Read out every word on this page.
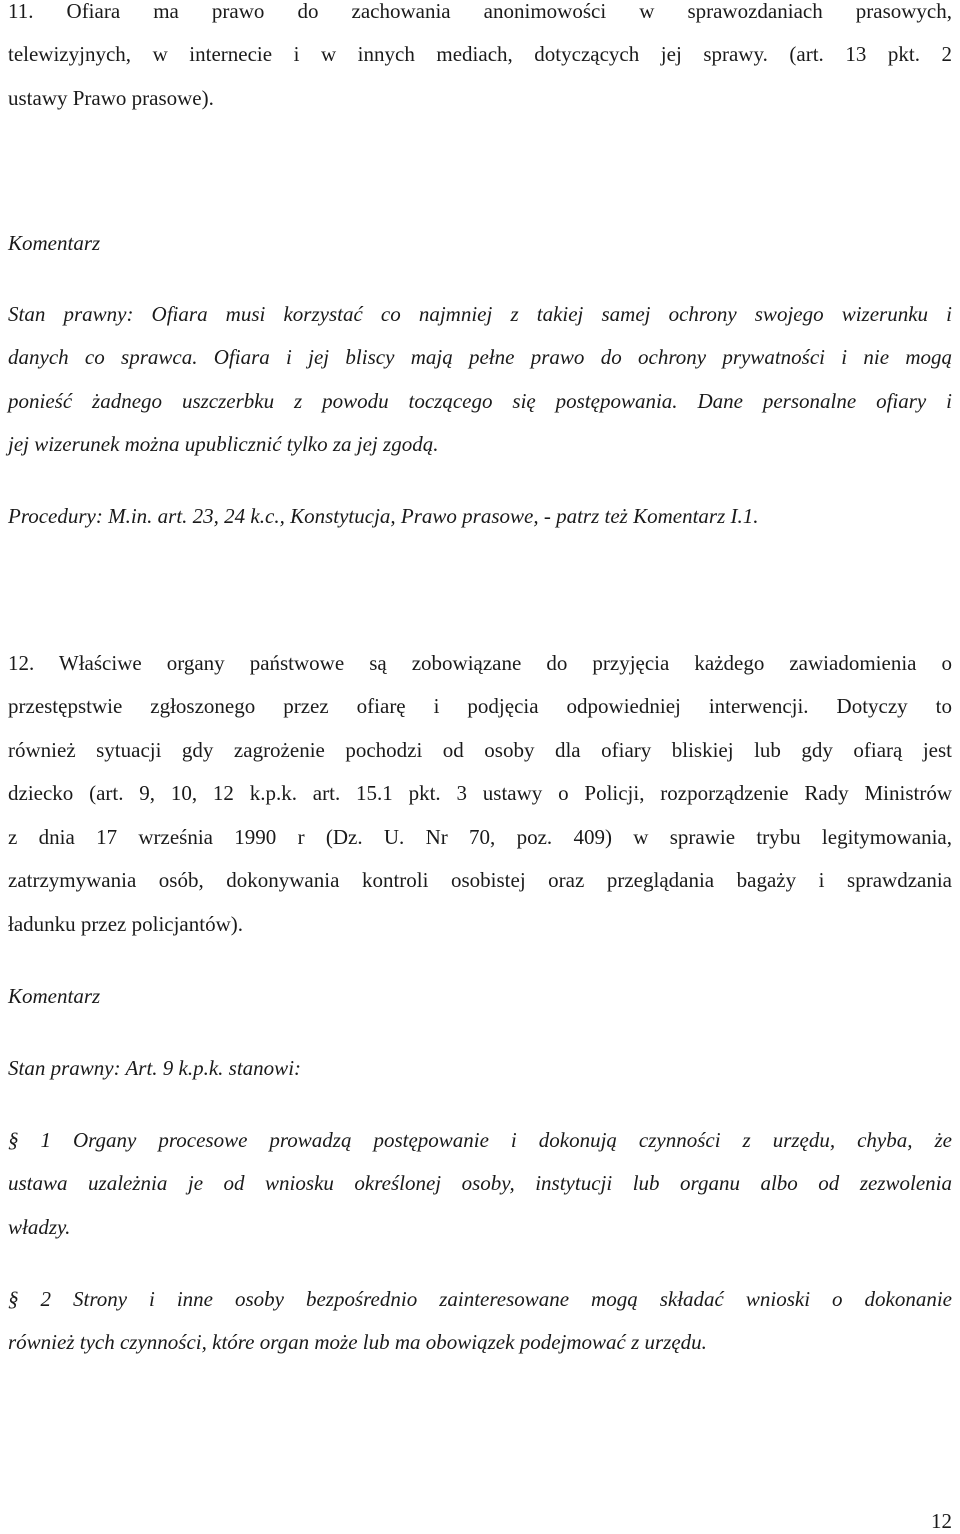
11. Ofiara ma prawo do zachowania anonimowości w sprawozdaniach prasowych,
telewizyjnych, w internecie i w innych mediach, dotyczących jej sprawy. (art. 13 pkt. 2
ustawy Prawo prasowe).
Komentarz
Stan prawny: Ofiara musi korzystać co najmniej z takiej samej ochrony swojego wizerunku i
danych co sprawca. Ofiara i jej bliscy mają pełne prawo do ochrony prywatności i nie mogą
ponieść żadnego uszczerbku z powodu toczącego się postępowania. Dane personalne ofiary i
jej wizerunek można upublicznić tylko za jej zgodą.
Procedury: M.in. art. 23, 24 k.c., Konstytucja, Prawo prasowe, - patrz też Komentarz I.1.
12. Właściwe organy państwowe są zobowiązane do przyjęcia każdego zawiadomienia o
przestępstwie zgłoszonego przez ofiarę i podjęcia odpowiedniej interwencji. Dotyczy to
również sytuacji gdy zagrożenie pochodzi od osoby dla ofiary bliskiej lub gdy ofiarą jest
dziecko (art. 9, 10, 12 k.p.k. art. 15.1 pkt. 3 ustawy o Policji, rozporządzenie Rady Ministrów
z dnia 17 września 1990 r (Dz. U. Nr 70, poz. 409) w sprawie trybu legitymowania,
zatrzymywania osób, dokonywania kontroli osobistej oraz przeglądania bagaży i sprawdzania
ładunku przez policjantów).
Komentarz
Stan prawny: Art. 9 k.p.k. stanowi:
§ 1 Organy procesowe prowadzą postępowanie i dokonują czynności z urzędu, chyba, że
ustawa uzależnia je od wniosku określonej osoby, instytucji lub organu albo od zezwolenia
władzy.
§ 2 Strony i inne osoby bezpośrednio zainteresowane mogą składać wnioski o dokonanie
również tych czynności, które organ może lub ma obowiązek podejmować z urzędu.
12
